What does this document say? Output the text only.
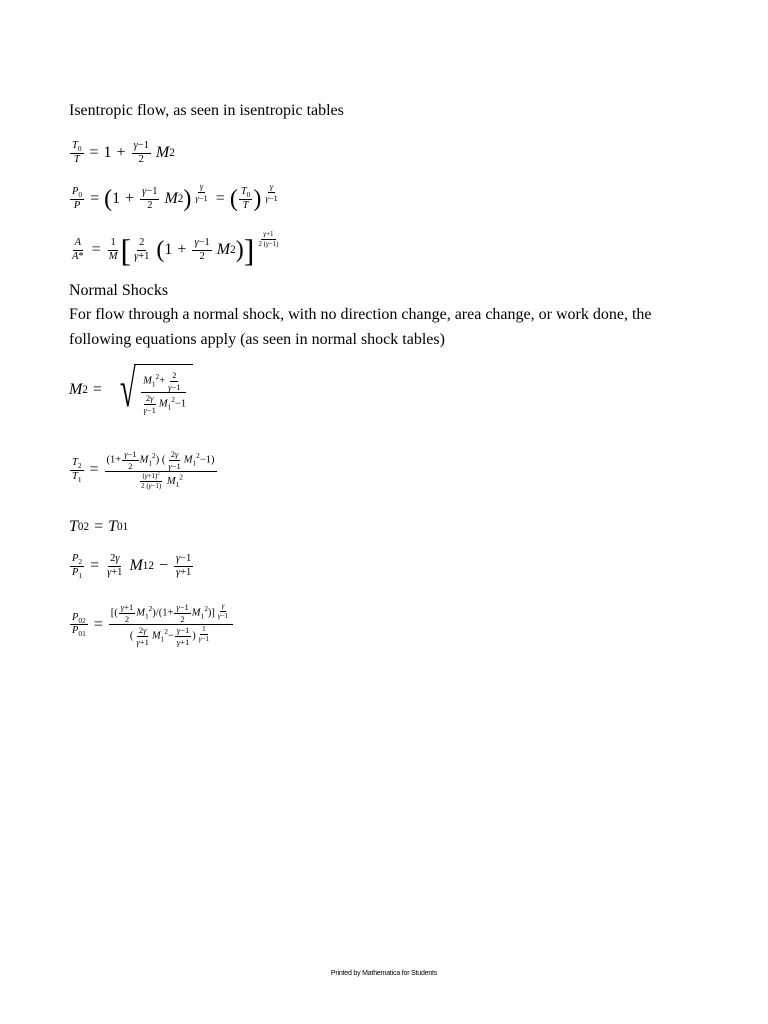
Isentropic flow, as seen in isentropic tables
$\frac{T_0}{T} = 1 + \frac{\gamma-1}{2}$
M 2
$\frac{P_0}{P}$ = ( $1 + \frac{\gamma-1}{2}$
M 2 ) $\frac{\gamma}{\gamma-1}$ = ( $\frac{T_0}{T}$ ) $\frac{\gamma}{\gamma-1}$
$\frac{A}{A*} = \frac{1}{M}$ [ $\frac{2}{\gamma+1}$
( $1 + \frac{\gamma-1}{2}$
M 2 ) ] $\frac{\gamma+1}{2 (\gamma-1)}$
Normal Shocks
For flow through a normal shock, with no direction change, area change, or work done, the following equations apply (as seen in normal shock tables)
M 2 = √ $\frac{M_1^2+ \frac{2}{\gamma-1}}{\frac{2\gamma}{\gamma-1} M_1^2-1}$
$\frac{T_2}{T_1} = \frac{(1+ \frac{\gamma-1}{2} M_1^2) ( \frac{2\gamma}{\gamma-1} M_1^2-1)}{\frac{(\gamma+1)^2}{2 (\gamma-1)} M_1^2}$
T 02 = T 01
$\frac{P_2}{P_1} = \frac{2\gamma}{\gamma+1}$
M 1 $2 - \frac{\gamma-1}{\gamma+1}$
$\frac{P_{02}}{P_{01}} = \frac{[( \frac{\gamma+1}{2} M_1^2)/(1+ \frac{\gamma-1}{2} M_1^2)] \frac{\gamma}{\gamma-1}}{( \frac{2\gamma}{\gamma+1} M_1^2- \frac{\gamma-1}{\gamma+1} ) \frac{1}{\gamma-1}}$
Printed by Mathematica for Students
